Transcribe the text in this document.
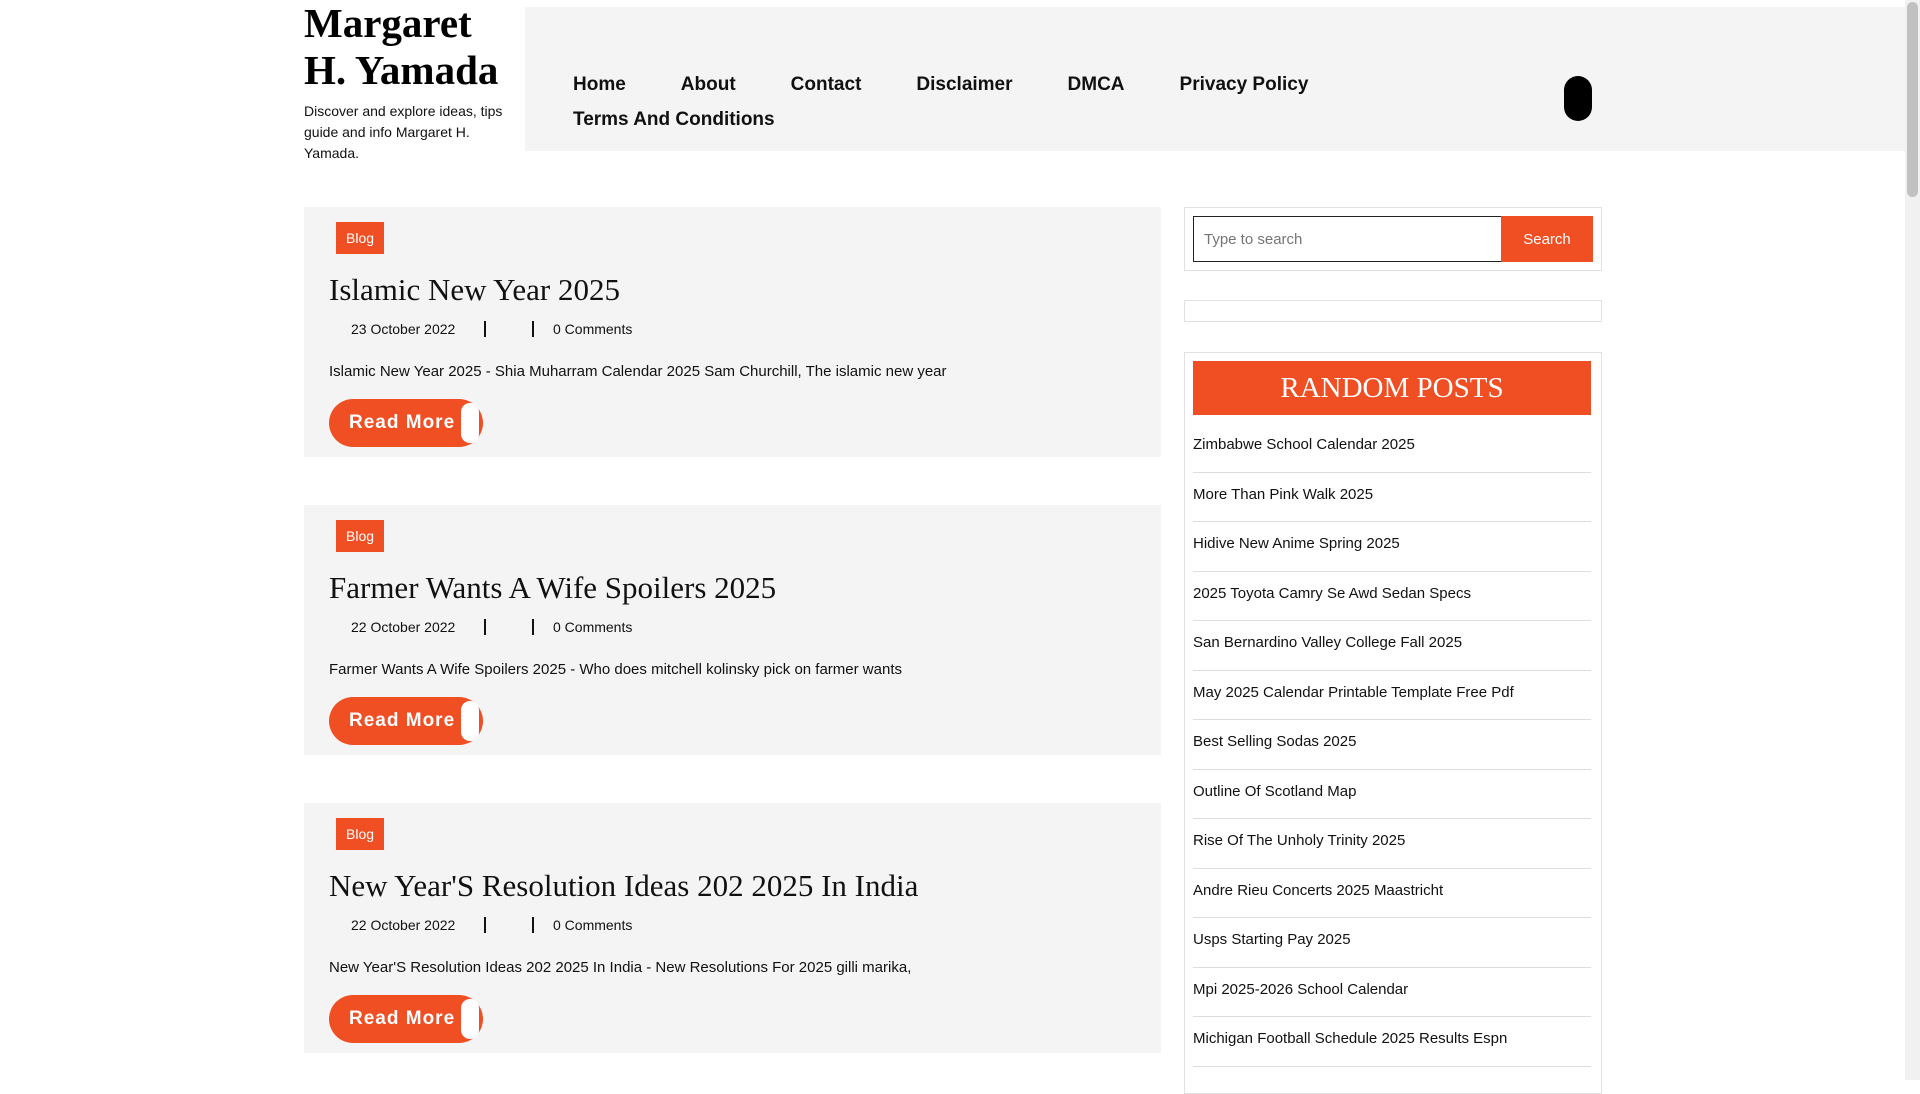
Margaret H. Yamada
Discover and explore ideas, tips guide and info Margaret H. Yamada.
Home	About	Contact	Disclaimer	DMCA	Privacy Policy
Terms And Conditions
Blog
Islamic New Year 2025
23 October 2022	0 Comments
Islamic New Year 2025 - Shia Muharram Calendar 2025 Sam Churchill, The islamic new year
Read More
Blog
Farmer Wants A Wife Spoilers 2025
22 October 2022	0 Comments
Farmer Wants A Wife Spoilers 2025 - Who does mitchell kolinsky pick on farmer wants
Read More
Blog
New Year'S Resolution Ideas 202 2025 In India
22 October 2022	0 Comments
New Year'S Resolution Ideas 202 2025 In India - New Resolutions For 2025 gilli marika,
Read More
Type to search
Search
RANDOM POSTS
Zimbabwe School Calendar 2025
More Than Pink Walk 2025
Hidive New Anime Spring 2025
2025 Toyota Camry Se Awd Sedan Specs
San Bernardino Valley College Fall 2025
May 2025 Calendar Printable Template Free Pdf
Best Selling Sodas 2025
Outline Of Scotland Map
Rise Of The Unholy Trinity 2025
Andre Rieu Concerts 2025 Maastricht
Usps Starting Pay 2025
Mpi 2025-2026 School Calendar
Michigan Football Schedule 2025 Results Espn
